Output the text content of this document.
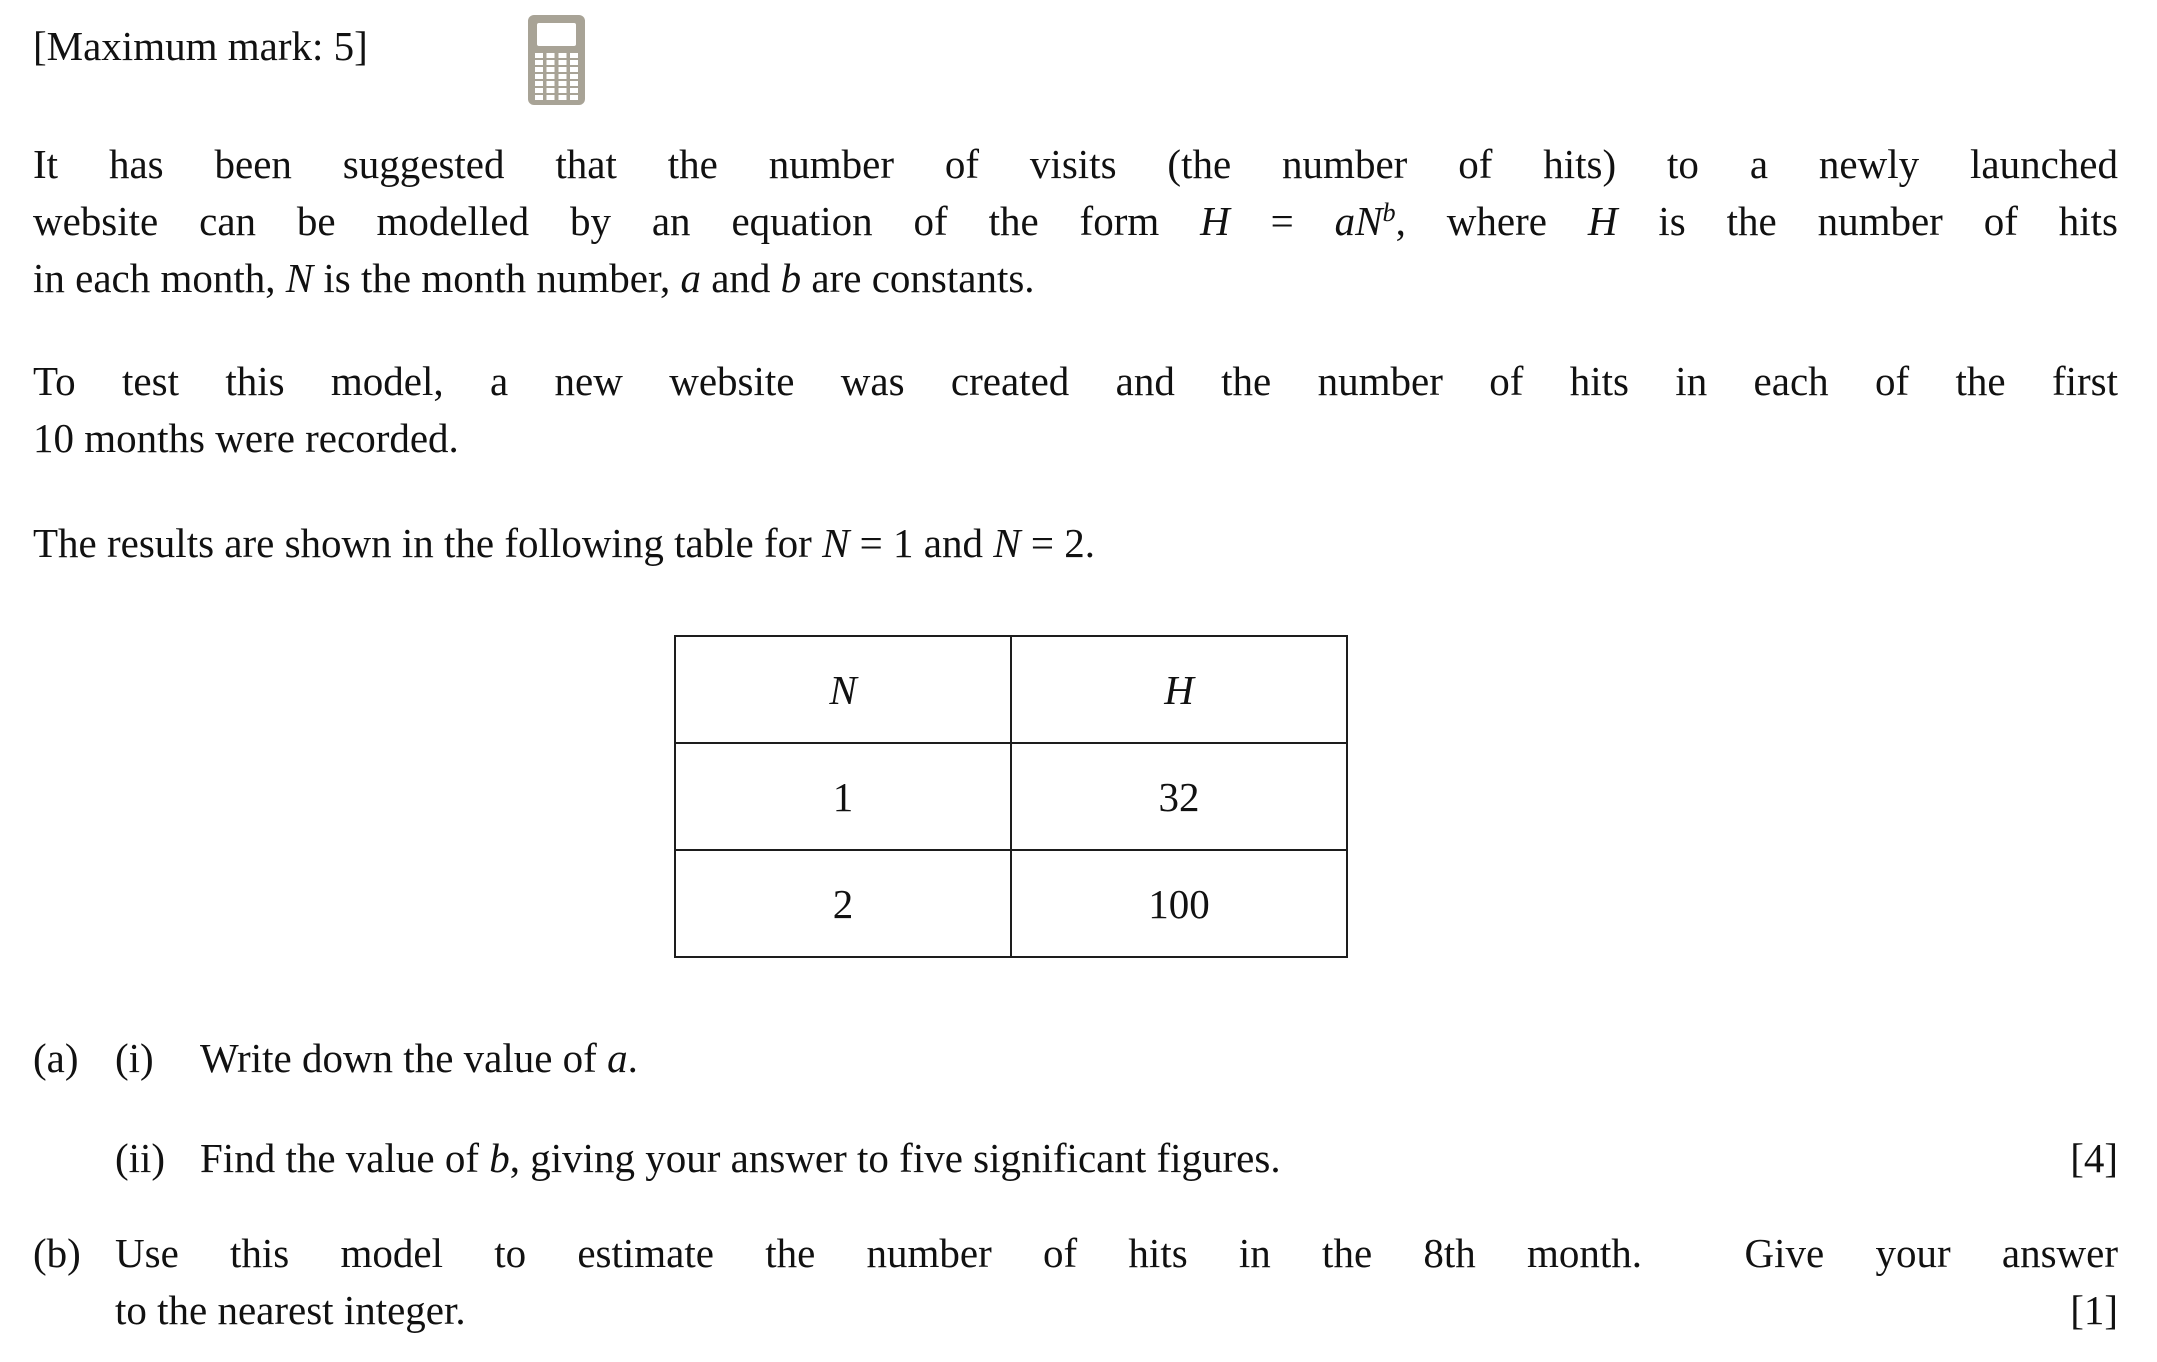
[Maximum mark: 5]
It has been suggested that the number of visits (the number of hits) to a newly launched
website can be modelled by an equation of the form $H = aN^b$, where H is the number of hits
in each month, N is the month number, a and b are constants.
To test this model, a new website was created and the number of hits in each of the first
10 months were recorded.
The results are shown in the following table for N = 1 and N = 2.
N	H
1	32
2	100
(a) (i)	Write down the value of a.
(ii) Find the value of b, giving your answer to five significant figures.	[4]
(b) Use this model to estimate the number of hits in the 8th month.  Give your answer
to the nearest integer.	[1]
